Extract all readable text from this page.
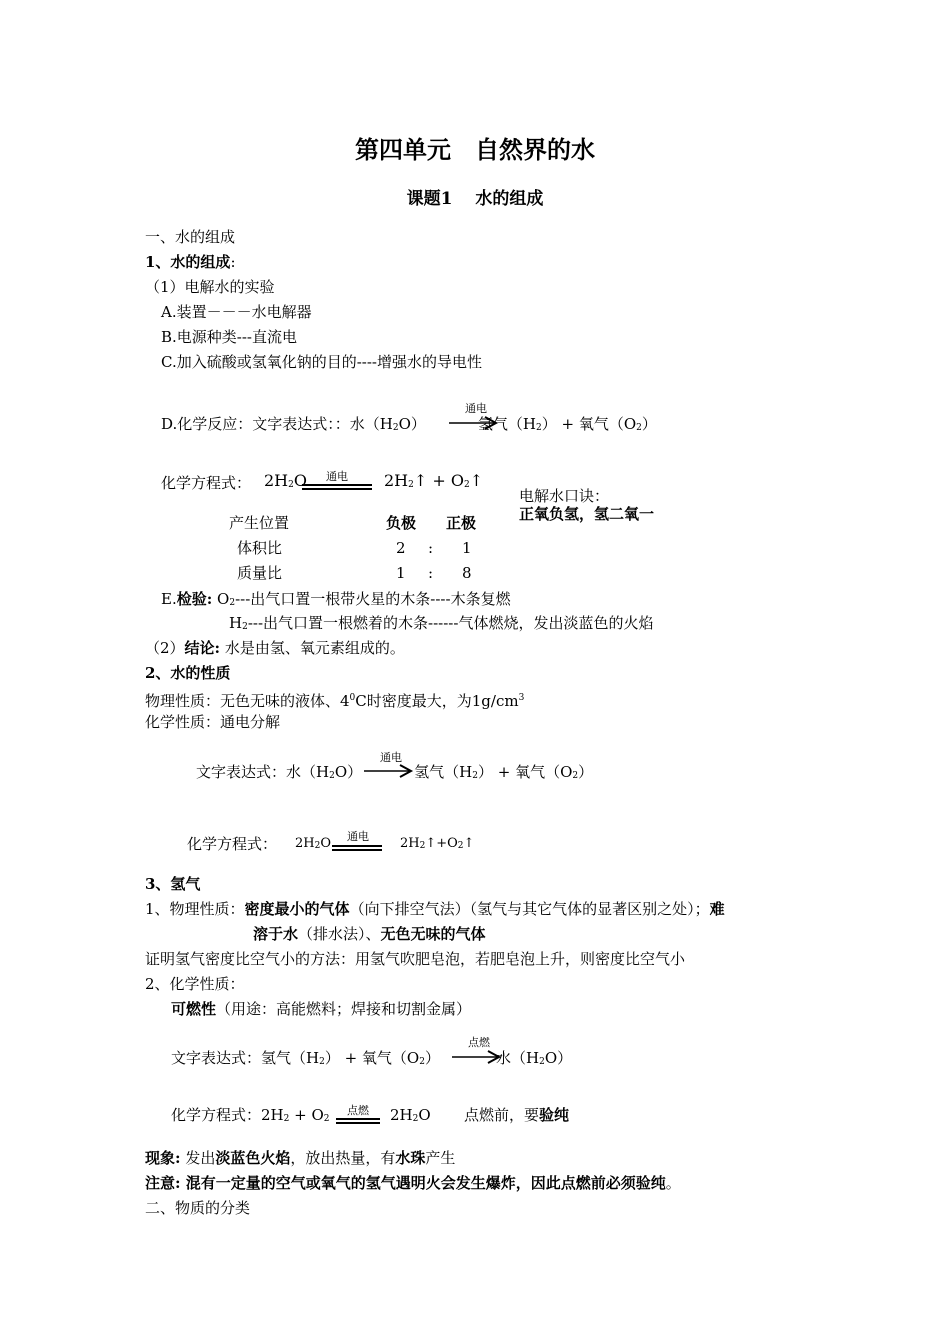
第四单元　自然界的水
课题1　 水的组成
一、水的组成
1、水的组成:
（1）电解水的实验
A.装置－－－水电解器
B.电源种类---直流电
C.加入硫酸或氢氧化钠的目的----增强水的导电性
D.化学反应：文字表达式：：水（H2O）	氢气（H2） + 氧气（O2）
通电
化学方程式： 2H2O	通电	2H2↑ + O2↑
电解水口诀：
正氧负氢，氢二氧一
产生位置	负极 正极
体积比	2 : 1
质量比	1 : 8
E.检验: O2---出气口置一根带火星的木条----木条复燃
H2---出气口置一根燃着的木条------气体燃烧，发出淡蓝色的火焰
（2）结论: 水是由氢、氧元素组成的。
2、水的性质
物理性质：无色无味的液体、$4^0C$时密度最大，为$1g/cm^3$
化学性质：通电分解
文字表达式：水（H2O）	氢气（H2） + 氧气（O2）
通电
化学方程式： 2H2O	通电	2H2↑+O2↑
3、氢气
1、物理性质：密度最小的气体（向下排空气法）（氢气与其它气体的显著区别之处）；难
溶于水（排水法）、无色无味的气体
证明氢气密度比空气小的方法：用氢气吹肥皂泡，若肥皂泡上升，则密度比空气小
2、化学性质：
可燃性（用途：高能燃料；焊接和切割金属）
文字表达式：氢气（H2） + 氧气（O2）	水（H2O）
点燃
化学方程式：2H2 + O2
点燃	2H2O 点燃前，要验纯
现象: 发出淡蓝色火焰，放出热量，有水珠产生
注意: 混有一定量的空气或氧气的氢气遇明火会发生爆炸，因此点燃前必须验纯。
二、物质的分类
